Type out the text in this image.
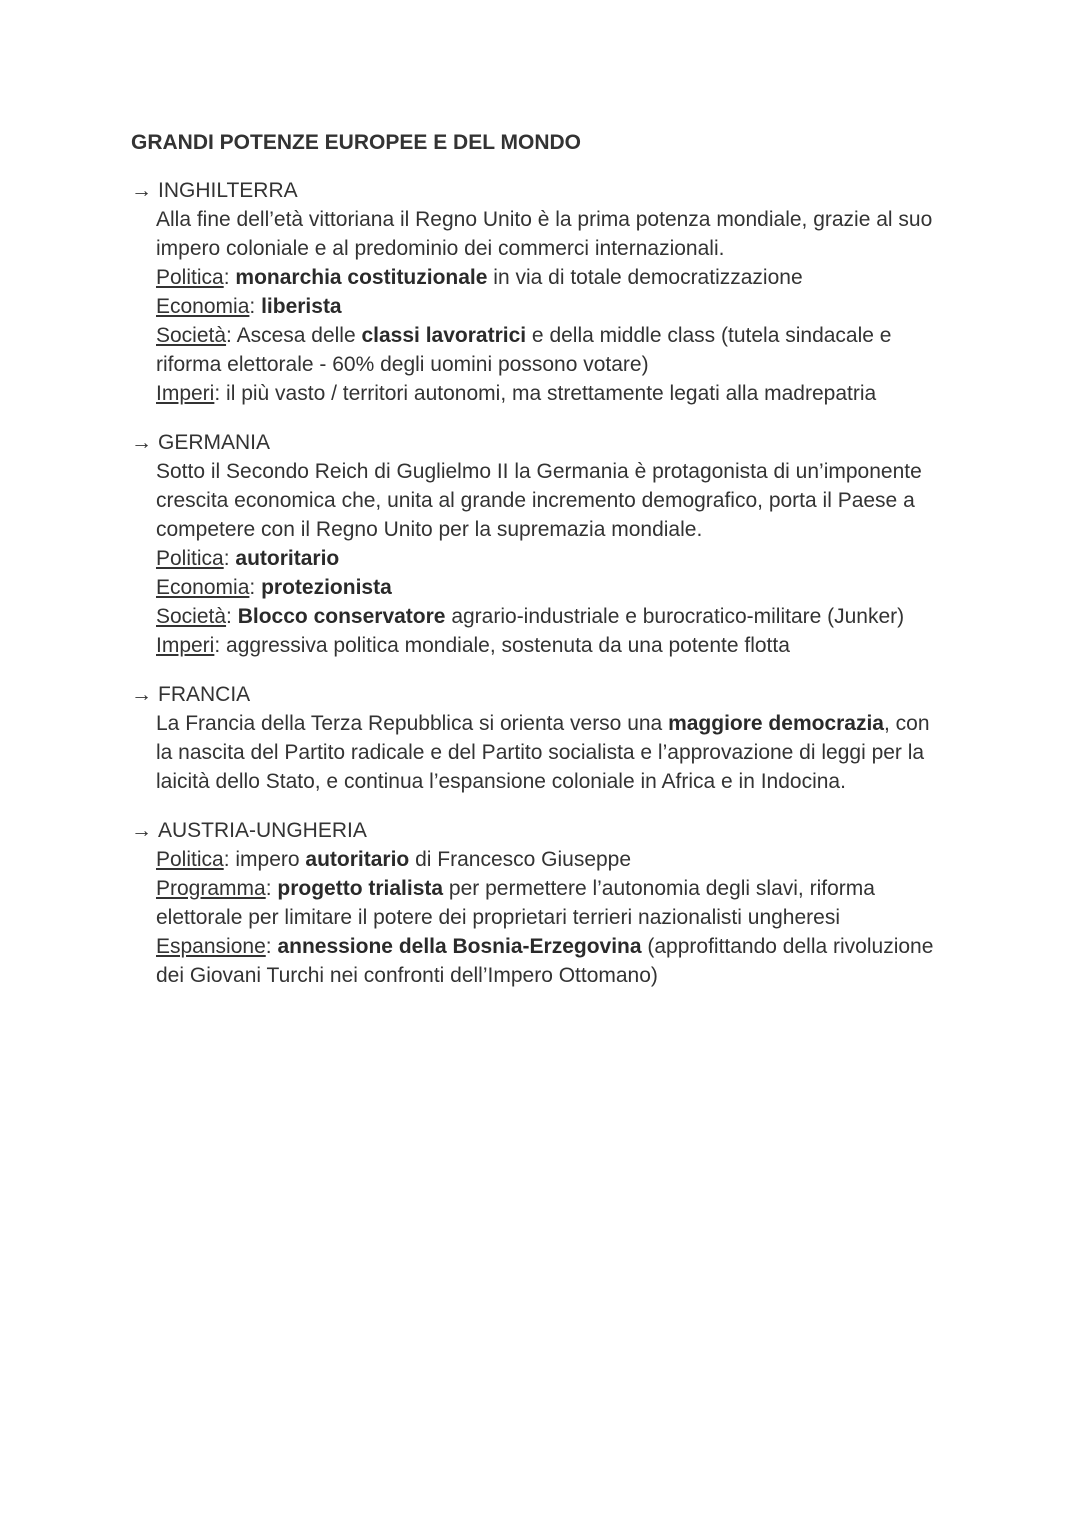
GRANDI POTENZE EUROPEE E DEL MONDO
→ INGHILTERRA
Alla fine dell’età vittoriana il Regno Unito è la prima potenza mondiale, grazie al suo impero coloniale e al predominio dei commerci internazionali.
Politica: monarchia costituzionale in via di totale democratizzazione
Economia: liberista
Società: Ascesa delle classi lavoratrici e della middle class (tutela sindacale e riforma elettorale - 60% degli uomini possono votare)
Imperi: il più vasto / territori autonomi, ma strettamente legati alla madrepatria
→ GERMANIA
Sotto il Secondo Reich di Guglielmo II la Germania è protagonista di un’imponente crescita economica che, unita al grande incremento demografico, porta il Paese a competere con il Regno Unito per la supremazia mondiale.
Politica: autoritario
Economia: protezionista
Società: Blocco conservatore agrario-industriale e burocratico-militare (Junker)
Imperi: aggressiva politica mondiale, sostenuta da una potente flotta
→ FRANCIA
La Francia della Terza Repubblica si orienta verso una maggiore democrazia, con la nascita del Partito radicale e del Partito socialista e l’approvazione di leggi per la laicità dello Stato, e continua l’espansione coloniale in Africa e in Indocina.
→ AUSTRIA-UNGHERIA
Politica: impero autoritario di Francesco Giuseppe
Programma: progetto trialista per permettere l’autonomia degli slavi, riforma elettorale per limitare il potere dei proprietari terrieri nazionalisti ungheresi
Espansione: annessione della Bosnia-Erzegovina (approfittando della rivoluzione dei Giovani Turchi nei confronti dell’Impero Ottomano)
